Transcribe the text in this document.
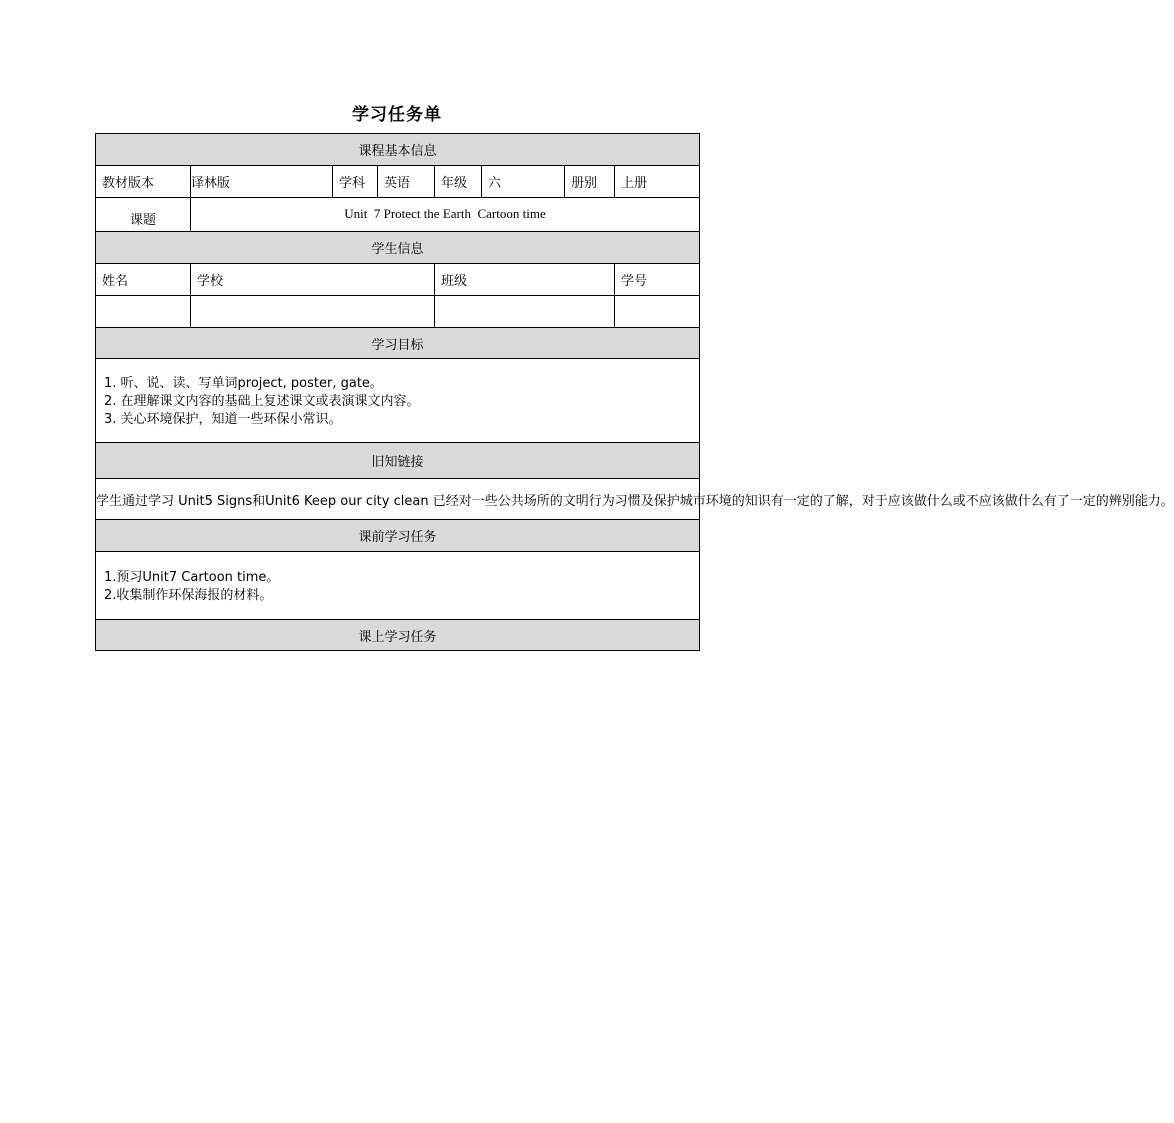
学习任务单
课程基本信息							
教材版本	译林版	学科	英语	年级	六	册别	上册
课题	Unit  7 Protect the Earth  Cartoon time						
学生信息							
姓名	学校			班级			学号

学习目标							

1. 听、说、读、写单词project, poster, gate。

2. 在理解课文内容的基础上复述课文或表演课文内容。

3. 关心环境保护，知道一些环保小常识。							

旧知链接							

学生通过学习 Unit5 Signs和Unit6 Keep our city clean 已经对一些公共场所的文明行为习惯及保护城市环境的知识有一定的了解，对于应该做什么或不应该做什么有了一定的辨别能力。							

课前学习任务							

1.预习Unit7 Cartoon time。

2.收集制作环保海报的材料。							

课上学习任务							
